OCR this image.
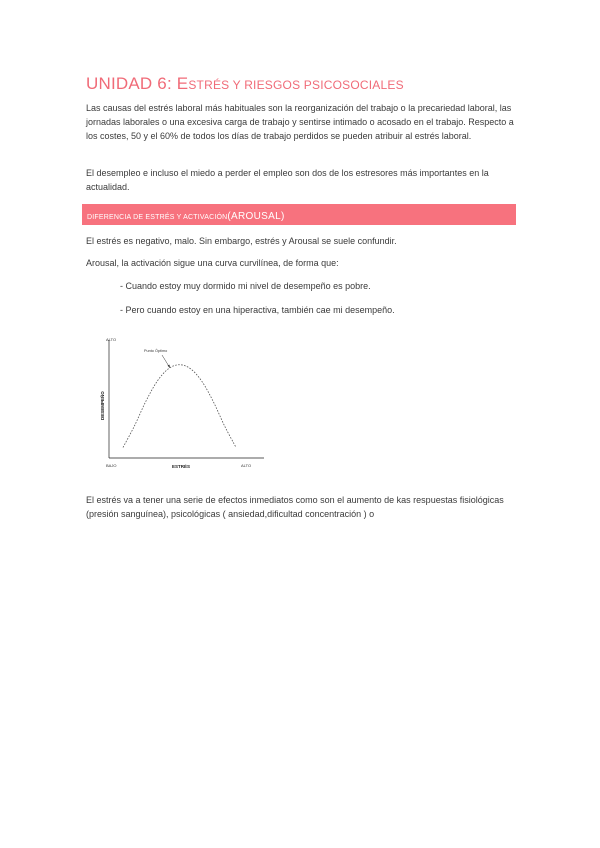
UNIDAD 6: ESTRÉS Y RIESGOS PSICOSOCIALES

Las causas del estrés laboral más habituales son la reorganización del trabajo o la precariedad laboral, las jornadas laborales o una excesiva carga de trabajo y sentirse intimado o acosado en el trabajo. Respecto a los costes, 50 y el 60% de todos los días de trabajo perdidos se pueden atribuir al estrés laboral.

El desempleo e incluso el miedo a perder el empleo son dos de los estresores más importantes en la actualidad.

DIFERENCIA DE ESTRÉS Y ACTIVACIÓN(AROUSAL)

El estrés es negativo, malo. Sin embargo, estrés y Arousal se suele confundir.

Arousal, la activación sigue una curva curvilínea, de forma que:

- Cuando estoy muy dormido mi nivel de desempeño es pobre.

- Pero cuando estoy en una hiperactiva, también cae mi desempeño.

ALTO
BAJO	ALTO
ESTRÉS
DESEMPEÑO
Punto Óptimo

El estrés va a tener una serie de efectos inmediatos como son el aumento de kas respuestas fisiológicas (presión sanguínea), psicológicas ( ansiedad,dificultad concentración ) o
